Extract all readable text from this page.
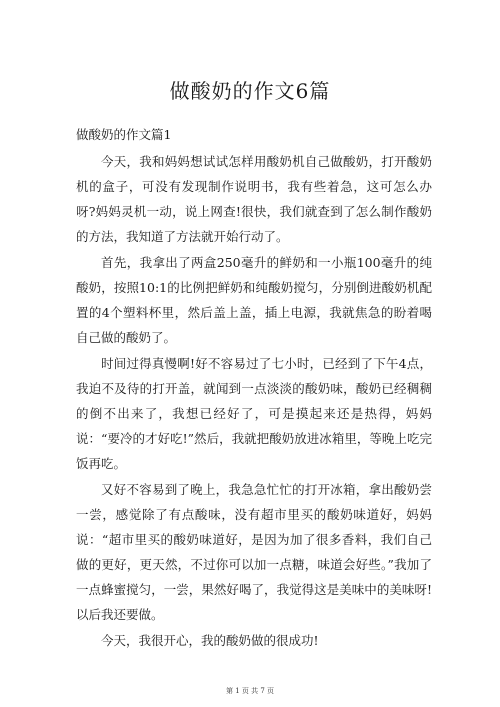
做酸奶的作文6篇

做酸奶的作文篇1

今天，我和妈妈想试试怎样用酸奶机自己做酸奶，打开酸奶机的盒子，可没有发现制作说明书，我有些着急，这可怎么办呀?妈妈灵机一动，说上网查!很快，我们就查到了怎么制作酸奶的方法，我知道了方法就开始行动了。

首先，我拿出了两盒250毫升的鲜奶和一小瓶100毫升的纯酸奶，按照10:1的比例把鲜奶和纯酸奶搅匀，分别倒进酸奶机配置的4个塑料杯里，然后盖上盖，插上电源，我就焦急的盼着喝自己做的酸奶了。

时间过得真慢啊!好不容易过了七小时，已经到了下午4点，我迫不及待的打开盖，就闻到一点淡淡的酸奶味，酸奶已经稠稠的倒不出来了，我想已经好了，可是摸起来还是热得，妈妈说：“要冷的才好吃!”然后，我就把酸奶放进冰箱里，等晚上吃完饭再吃。

又好不容易到了晚上，我急急忙忙的打开冰箱，拿出酸奶尝一尝，感觉除了有点酸味，没有超市里买的酸奶味道好，妈妈说：“超市里买的酸奶味道好，是因为加了很多香料，我们自己做的更好，更天然，不过你可以加一点糖，味道会好些。”我加了一点蜂蜜搅匀，一尝，果然好喝了，我觉得这是美味中的美味呀!以后我还要做。

今天，我很开心，我的酸奶做的很成功!

第 1 页 共 7 页
